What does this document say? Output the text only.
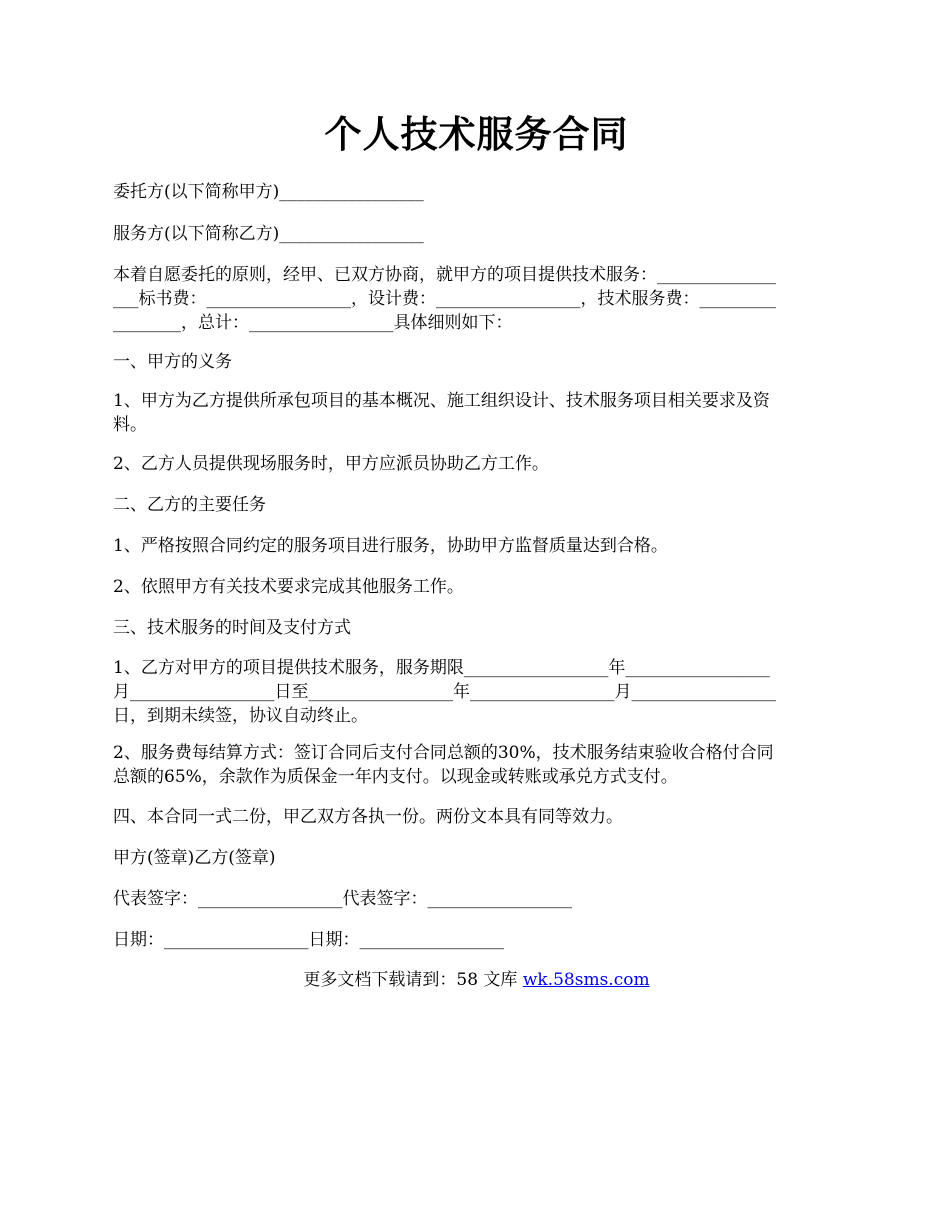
个人技术服务合同
委托方(以下简称甲方)_________________
服务方(以下简称乙方)_________________
本着自愿委托的原则，经甲、已双方协商，就甲方的项目提供技术服务：______________
___标书费：_________________，设计费：_________________，技术服务费：_________
________，总计：_________________具体细则如下：
一、甲方的义务
1、甲方为乙方提供所承包项目的基本概况、施工组织设计、技术服务项目相关要求及资
料。
2、乙方人员提供现场服务时，甲方应派员协助乙方工作。
二、乙方的主要任务
1、严格按照合同约定的服务项目进行服务，协助甲方监督质量达到合格。
2、依照甲方有关技术要求完成其他服务工作。
三、技术服务的时间及支付方式
1、乙方对甲方的项目提供技术服务，服务期限_________________年_________________
月_________________日至_________________年_________________月_________________
日，到期未续签，协议自动终止。
2、服务费每结算方式：签订合同后支付合同总额的30%，技术服务结束验收合格付合同
总额的65%，余款作为质保金一年内支付。以现金或转账或承兑方式支付。
四、本合同一式二份，甲乙双方各执一份。两份文本具有同等效力。
甲方(签章)乙方(签章)
代表签字：_________________代表签字：_________________
日期：_________________日期：_________________
更多文档下载请到：58 文库 wk.58sms.com
